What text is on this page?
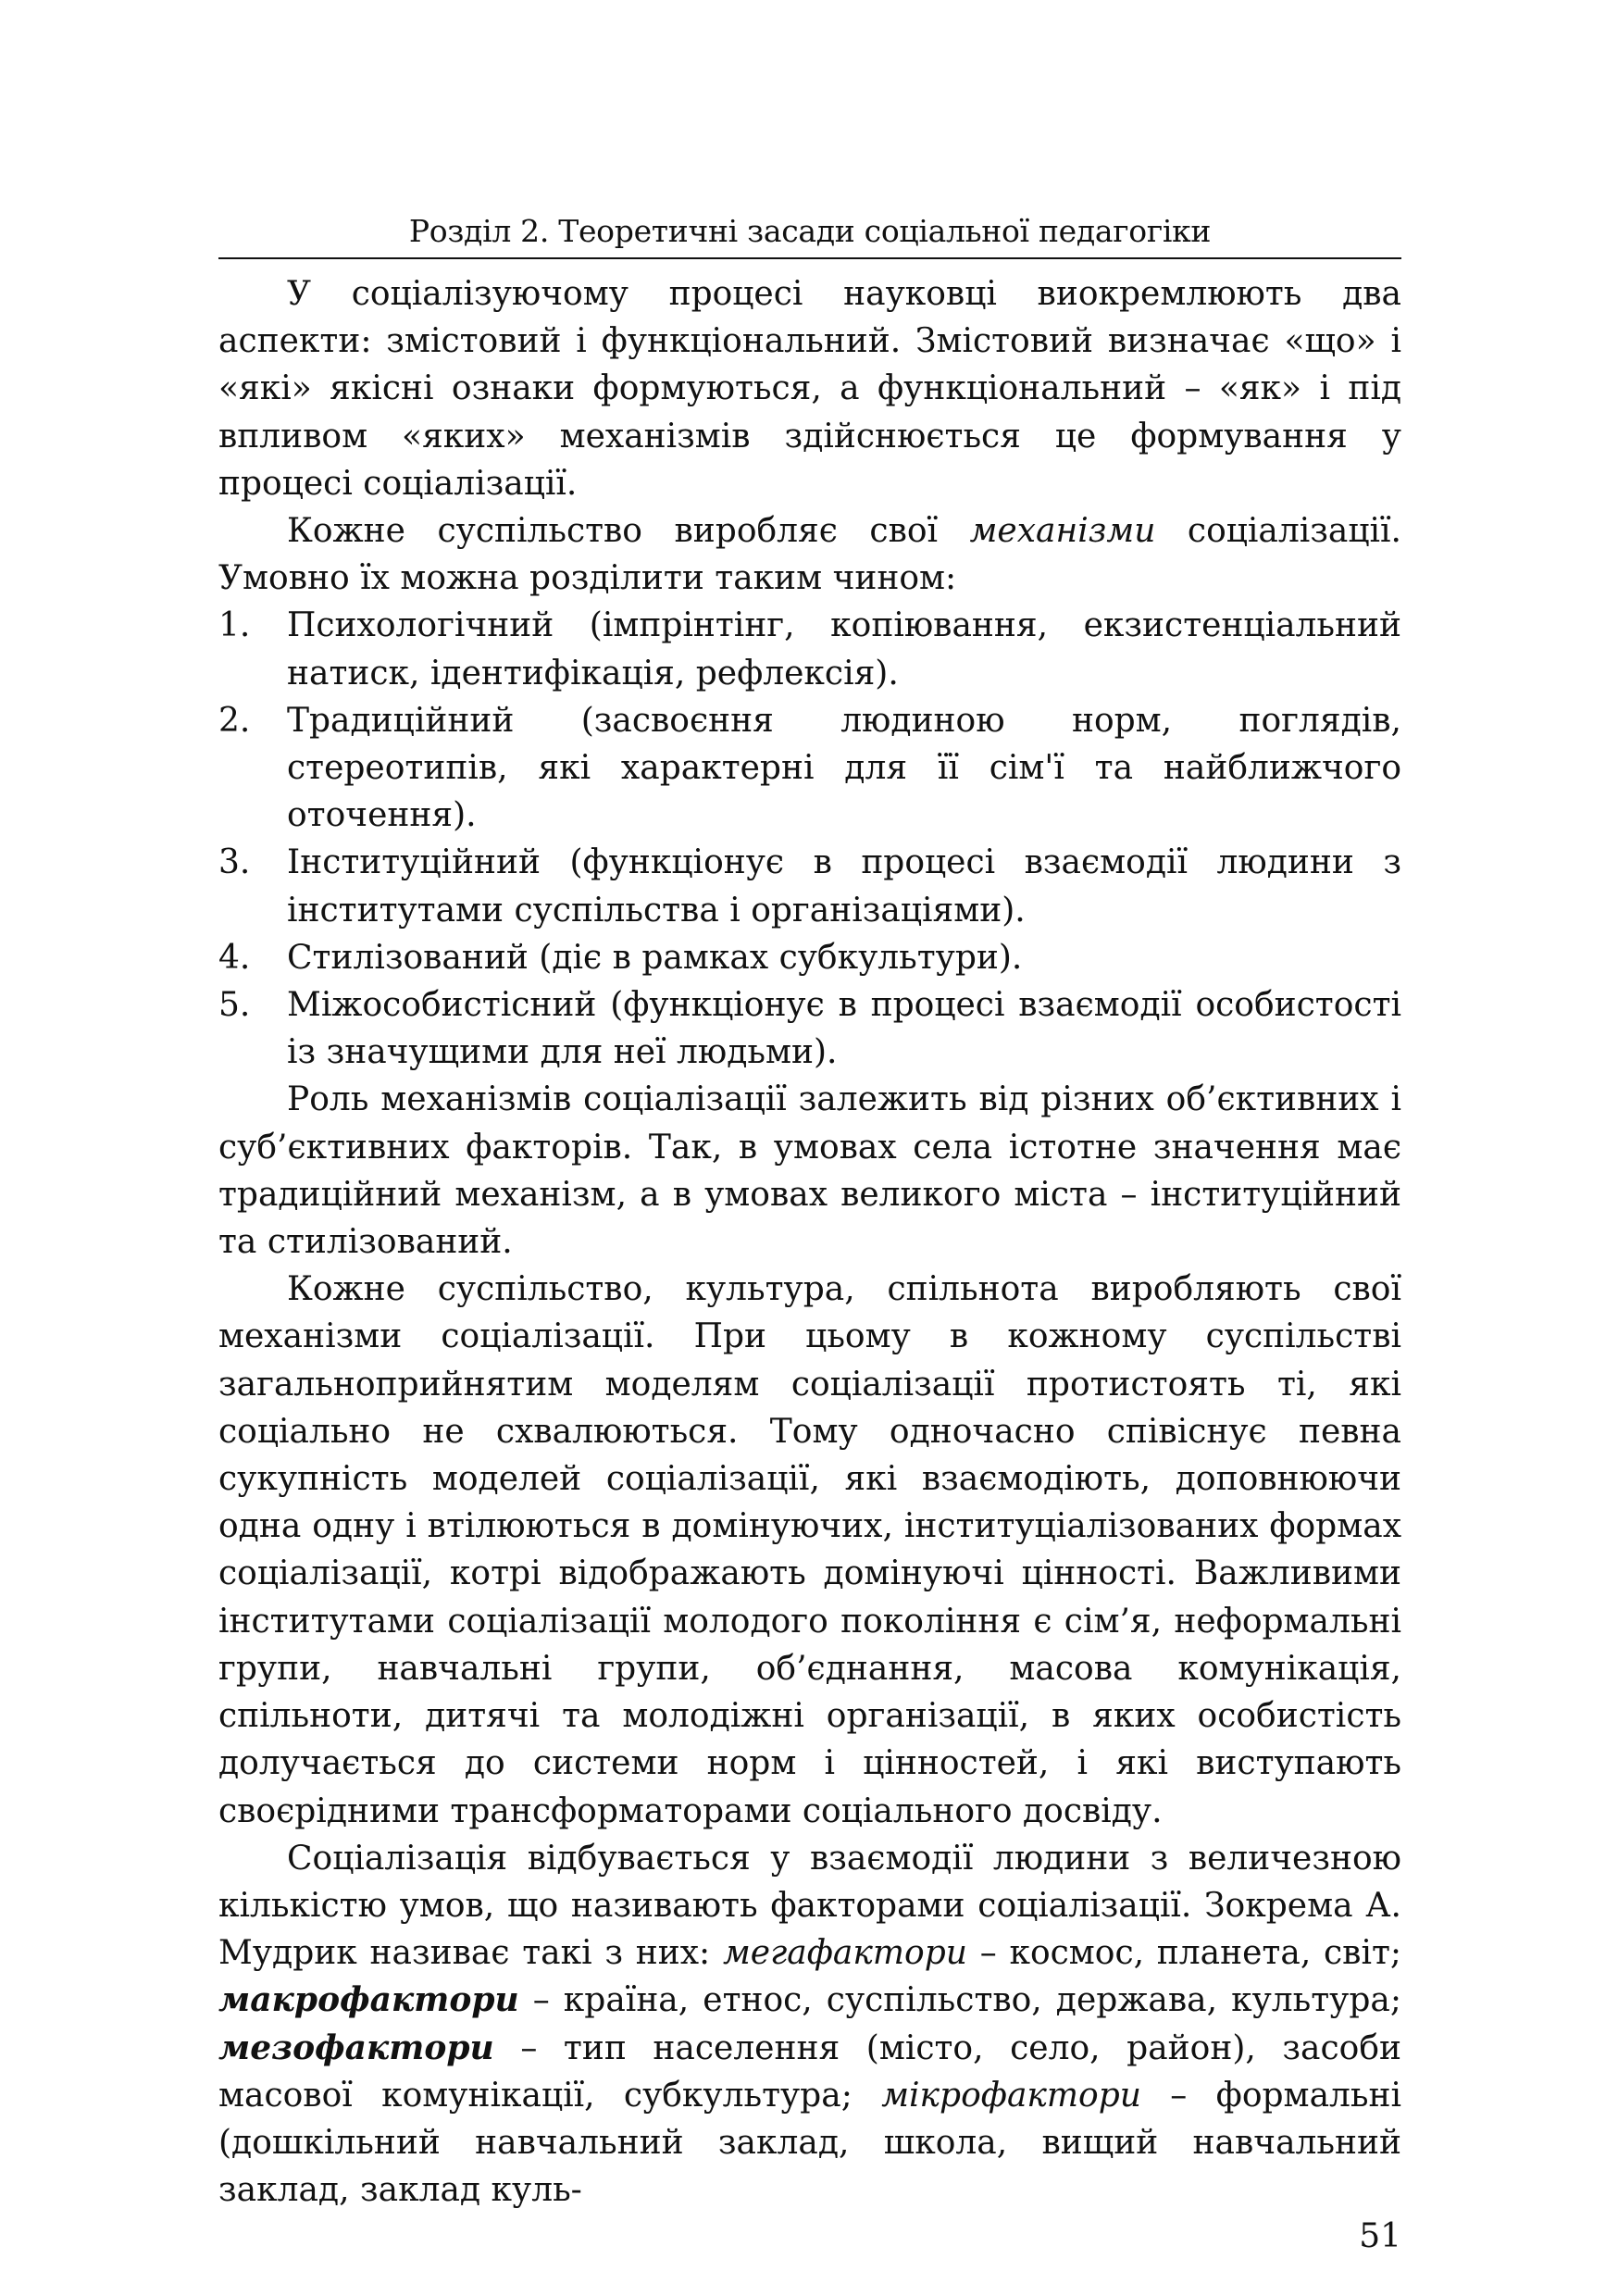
Розділ 2. Теоретичні засади соціальної педагогіки

У соціалізуючому процесі науковці виокремлюють два аспекти: змістовий і функціональний. Змістовий визначає «що» і «які» якісні ознаки формуються, а функціональний – «як» і під впливом «яких» механізмів здійснюється це формування у процесі соціалізації.

Кожне суспільство виробляє свої механізми соціалізації. Умовно їх можна розділити таким чином:

1.	Психологічний (імпрінтінг, копіювання, екзистенціальний натиск, ідентифікація, рефлексія).
2.	Традиційний (засвоєння людиною норм, поглядів, стереотипів, які характерні для її сім'ї та найближчого оточення).
3.	Інституційний (функціонує в процесі взаємодії людини з інститутами суспільства і організаціями).
4.	Стилізований (діє в рамках субкультури).
5.	Міжособистісний (функціонує в процесі взаємодії особистості із значущими для неї людьми).

Роль механізмів соціалізації залежить від різних об’єктивних і суб’єктивних факторів. Так, в умовах села істотне значення має традиційний механізм, а в умовах великого міста – інституційний та стилізований.

Кожне суспільство, культура, спільнота виробляють свої механізми соціалізації. При цьому в кожному суспільстві загальноприйнятим моделям соціалізації протистоять ті, які соціально не схвалюються. Тому одночасно співіснує певна сукупність моделей соціалізації, які взаємодіють, доповнюючи одна одну і втілюються в домінуючих, інституціалізованих формах соціалізації, котрі відображають домінуючі цінності. Важливими інститутами соціалізації молодого покоління є сім’я, неформальні групи, навчальні групи, об’єднання, масова комунікація, спільноти, дитячі та молодіжні організації, в яких особистість долучається до системи норм і цінностей, і які виступають своєрідними трансформаторами соціального досвіду.

Соціалізація відбувається у взаємодії людини з величезною кількістю умов, що називають факторами соціалізації. Зокрема А. Мудрик називає такі з них: мегафактори – космос, планета, світ; макрофактори – країна, етнос, суспільство, держава, культура; мезофактори – тип населення (місто, село, район), засоби масової комунікації, субкультура; мікрофактори – формальні (дошкільний навчальний заклад, школа, вищий навчальний заклад, заклад куль-

51
